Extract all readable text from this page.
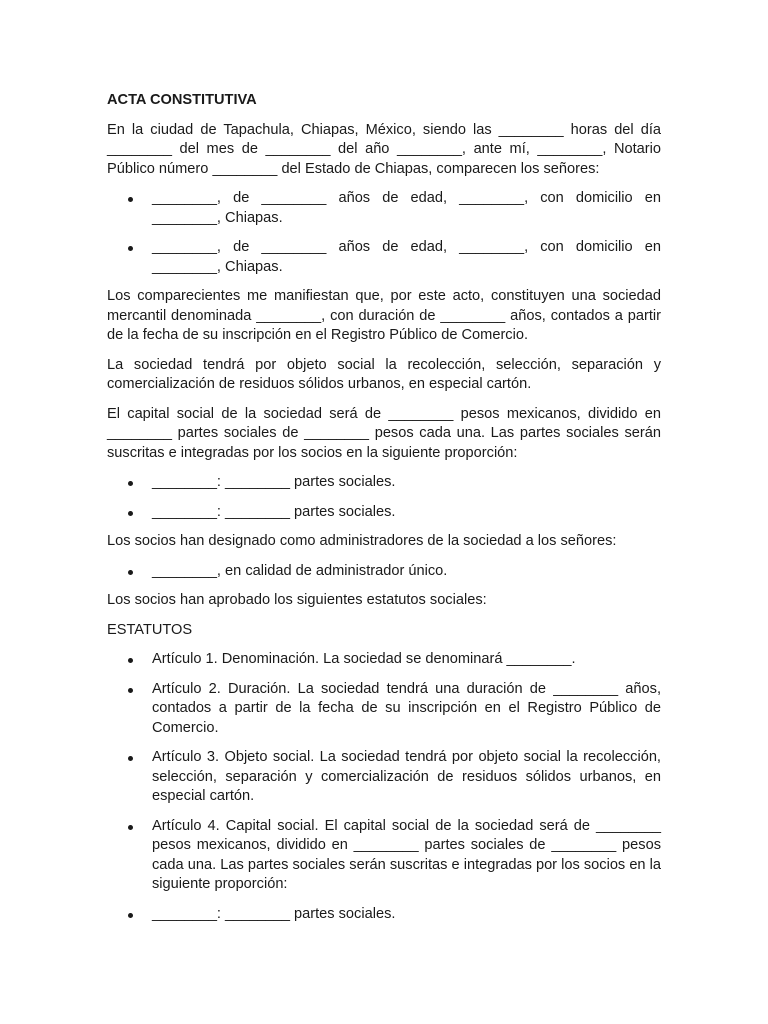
ACTA CONSTITUTIVA
En la ciudad de Tapachula, Chiapas, México, siendo las ________ horas del día ________ del mes de ________ del año ________, ante mí, ________, Notario Público número ________ del Estado de Chiapas, comparecen los señores:
________, de ________ años de edad, ________, con domicilio en ________, Chiapas.
________, de ________ años de edad, ________, con domicilio en ________, Chiapas.
Los comparecientes me manifiestan que, por este acto, constituyen una sociedad mercantil denominada ________, con duración de ________ años, contados a partir de la fecha de su inscripción en el Registro Público de Comercio.
La sociedad tendrá por objeto social la recolección, selección, separación y comercialización de residuos sólidos urbanos, en especial cartón.
El capital social de la sociedad será de ________ pesos mexicanos, dividido en ________ partes sociales de ________ pesos cada una. Las partes sociales serán suscritas e integradas por los socios en la siguiente proporción:
________: ________ partes sociales.
________: ________ partes sociales.
Los socios han designado como administradores de la sociedad a los señores:
________, en calidad de administrador único.
Los socios han aprobado los siguientes estatutos sociales:
ESTATUTOS
Artículo 1. Denominación. La sociedad se denominará ________.
Artículo 2. Duración. La sociedad tendrá una duración de ________ años, contados a partir de la fecha de su inscripción en el Registro Público de Comercio.
Artículo 3. Objeto social. La sociedad tendrá por objeto social la recolección, selección, separación y comercialización de residuos sólidos urbanos, en especial cartón.
Artículo 4. Capital social. El capital social de la sociedad será de ________ pesos mexicanos, dividido en ________ partes sociales de ________ pesos cada una. Las partes sociales serán suscritas e integradas por los socios en la siguiente proporción:
________: ________ partes sociales.
